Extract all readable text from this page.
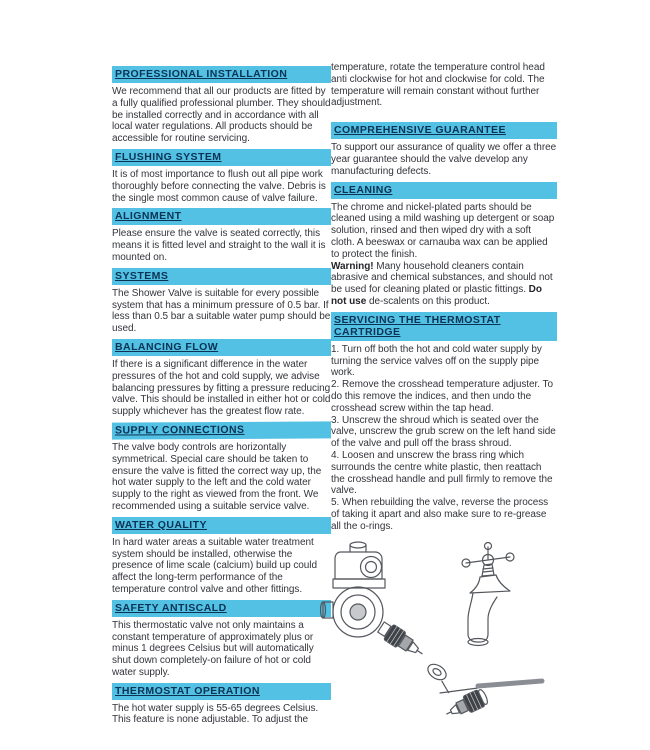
PROFESSIONAL INSTALLATION

We recommend that all our products are fitted by a fully qualified professional plumber. They should be installed correctly and in accordance with all local water regulations. All products should be accessible for routine servicing.

FLUSHING SYSTEM

It is of most importance to flush out all pipe work thoroughly before connecting the valve. Debris is the single most common cause of valve failure.

ALIGNMENT

Please ensure the valve is seated correctly, this means it is fitted level and straight to the wall it is mounted on.

SYSTEMS

The Shower Valve is suitable for every possible system that has a minimum pressure of 0.5 bar. If less than 0.5 bar a suitable water pump should be used.

BALANCING FLOW

If there is a significant difference in the water pressures of the hot and cold supply, we advise balancing pressures by fitting a pressure reducing valve. This should be installed in either hot or cold supply whichever has the greatest flow rate.

SUPPLY CONNECTIONS

The valve body controls are horizontally symmetrical. Special care should be taken to ensure the valve is fitted the correct way up, the hot water supply to the left and the cold water supply to the right as viewed from the front. We recommended using a suitable service valve.

WATER QUALITY

In hard water areas a suitable water treatment system should be installed, otherwise the presence of lime scale (calcium) build up could affect the long-term performance of the temperature control valve and other fittings.

SAFETY ANTISCALD

This thermostatic valve not only maintains a constant temperature of approximately plus or minus 1 degrees Celsius but will automatically shut down completely-on failure of hot or cold water supply.

THERMOSTAT OPERATION

The hot water supply is 55-65 degrees Celsius. This feature is none adjustable. To adjust the

temperature, rotate the temperature control head anti clockwise for hot and clockwise for cold. The temperature will remain constant without further adjustment.

COMPREHENSIVE GUARANTEE

To support our assurance of quality we offer a three year guarantee should the valve develop any manufacturing defects.

CLEANING

The chrome and nickel-plated parts should be cleaned using a mild washing up detergent or soap solution, rinsed and then wiped dry with a soft cloth. A beeswax or carnauba wax can be applied to protect the finish.

Warning! Many household cleaners contain abrasive and chemical substances, and should not be used for cleaning plated or plastic fittings. Do not use de-scalents on this product.

SERVICING THE THERMOSTAT CARTRIDGE

1. Turn off both the hot and cold water supply by turning the service valves off on the supply pipe work.

2. Remove the crosshead temperature adjuster. To do this remove the indices, and then undo the crosshead screw within the tap head.

3. Unscrew the shroud which is seated over the valve, unscrew the grub screw on the left hand side of the valve and pull off the brass shroud.

4. Loosen and unscrew the brass ring which surrounds the centre white plastic, then reattach the crosshead handle and pull firmly to remove the valve.

5. When rebuilding the valve, reverse the process of taking it apart and also make sure to re-grease all the o-rings.
